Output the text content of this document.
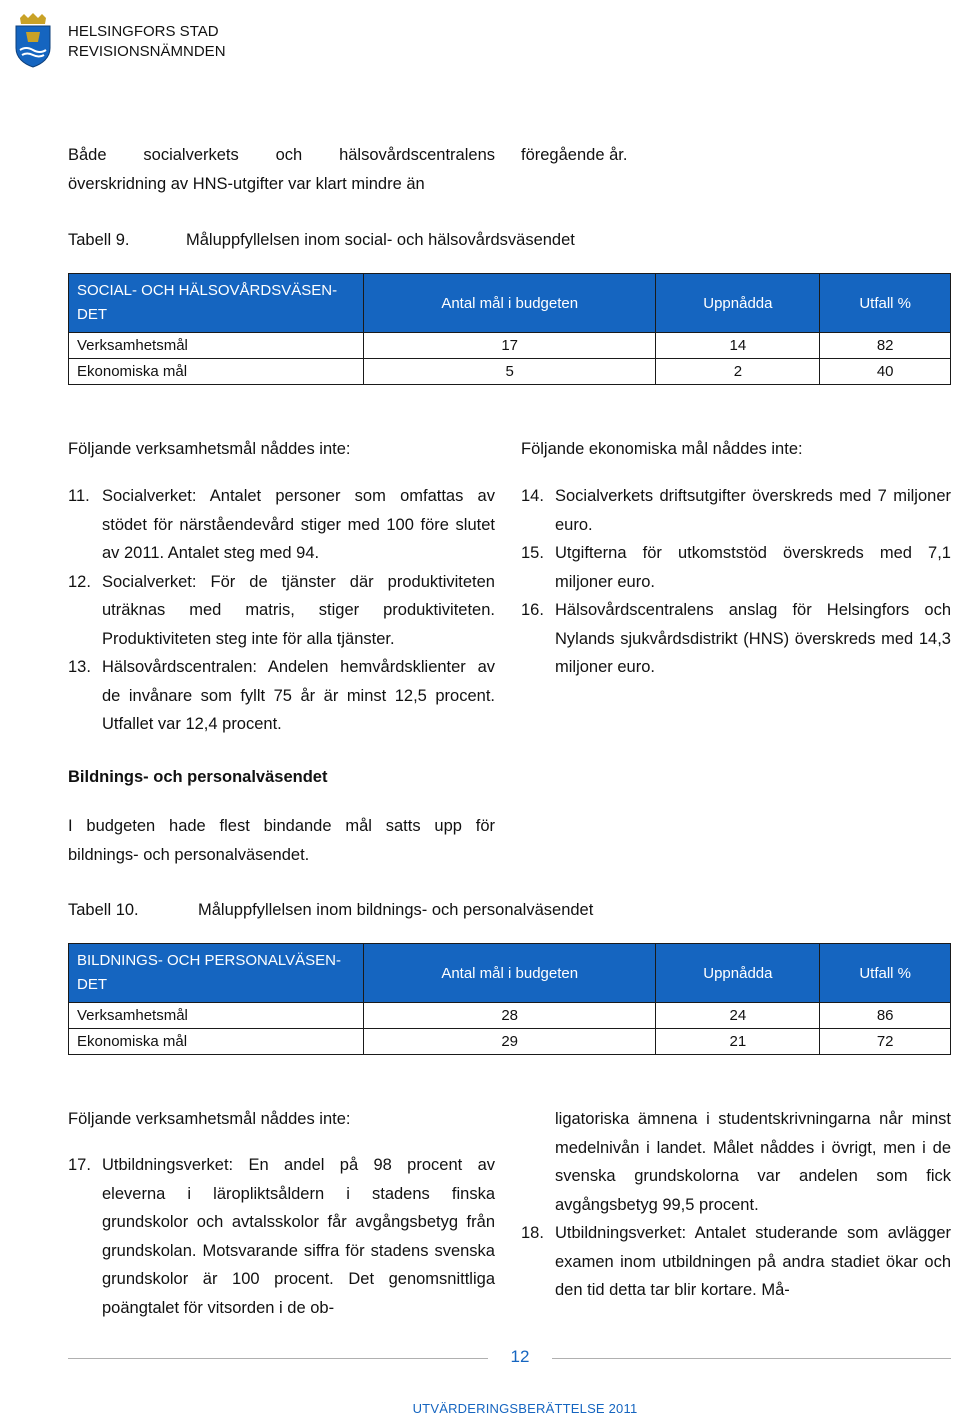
HELSINGFORS STAD
REVISIONSNÄMNDEN
Både socialverkets och hälsovårdscentralens överskridning av HNS-utgifter var klart mindre än
föregående år.
Tabell 9.	Måluppfyllelsen inom social- och hälsovårdsväsendet
SOCIAL- OCH HÄLSOVÅRDSVÄSEN-DET	Antal mål i budgeten	Uppnådda	Utfall %
Verksamhetsmål	17	14	82
Ekonomiska mål	5	2	40
Följande verksamhetsmål nåddes inte:	Följande ekonomiska mål nåddes inte:
11. Socialverket: Antalet personer som omfattas av stödet för närståendevård stiger med 100 före slutet av 2011. Antalet steg med 94.
12. Socialverket: För de tjänster där produktiviteten uträknas med matris, stiger produktiviteten. Produktiviteten steg inte för alla tjänster.
13. Hälsovårdscentralen: Andelen hemvårdsklienter av de invånare som fyllt 75 år är minst 12,5 procent. Utfallet var 12,4 procent.
14. Socialverkets driftsutgifter överskreds med 7 miljoner euro.
15. Utgifterna för utkomststöd överskreds med 7,1 miljoner euro.
16. Hälsovårdscentralens anslag för Helsingfors och Nylands sjukvårdsdistrikt (HNS) överskreds med 14,3 miljoner euro.
Bildnings- och personalväsendet
I budgeten hade flest bindande mål satts upp för bildnings- och personalväsendet.
Tabell 10.	Måluppfyllelsen inom bildnings- och personalväsendet
BILDNINGS- OCH PERSONALVÄSEN-DET	Antal mål i budgeten	Uppnådda	Utfall %
Verksamhetsmål	28	24	86
Ekonomiska mål	29	21	72
Följande verksamhetsmål nåddes inte:
17. Utbildningsverket: En andel på 98 procent av eleverna i läropliktsåldern i stadens finska grundskolor och avtalsskolor får avgångsbetyg från grundskolan. Motsvarande siffra för stadens svenska grundskolor är 100 procent. Det genomsnittliga poängtalet för vitsorden i de ob-
ligatoriska ämnena i studentskrivningarna når minst medelnivån i landet. Målet nåddes i övrigt, men i de svenska grundskolorna var andelen som fick avgångsbetyg 99,5 procent.
18. Utbildningsverket: Antalet studerande som avlägger examen inom utbildningen på andra stadiet ökar och den tid detta tar blir kortare. Må-
12
UTVÄRDERINGSBERÄTTELSE 2011
